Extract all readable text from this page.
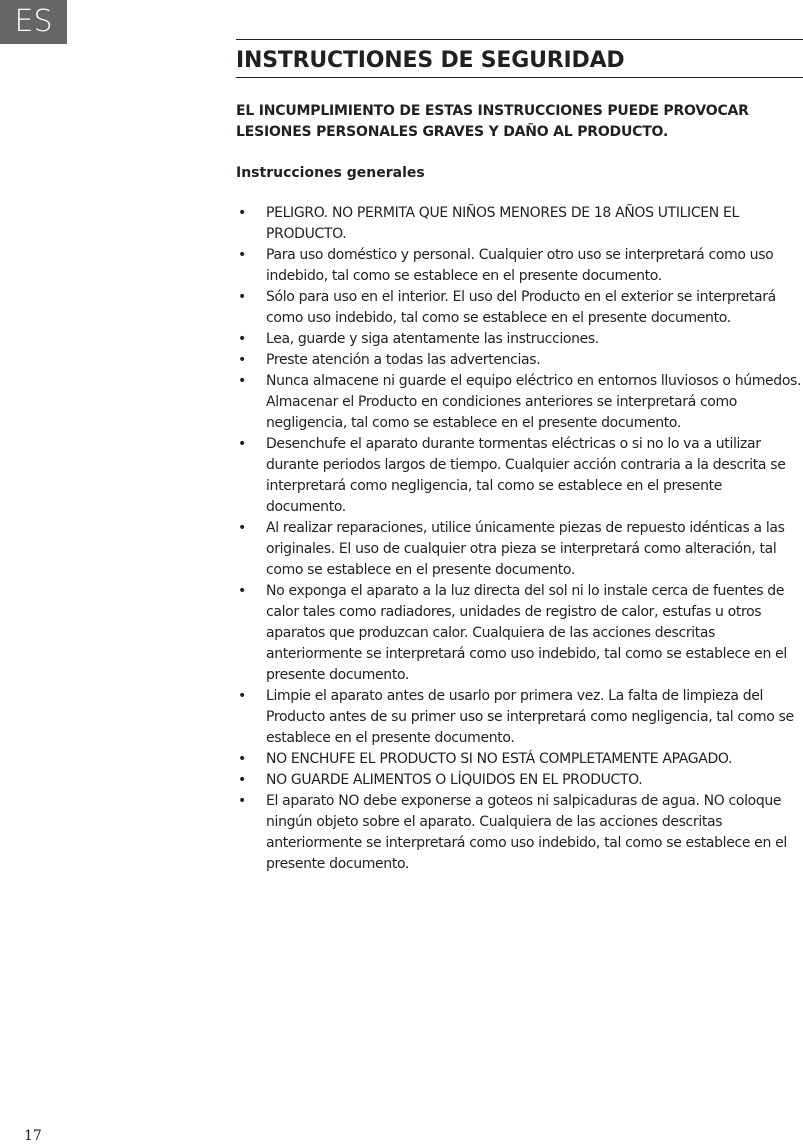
ES
INSTRUCTIONES DE SEGURIDAD

EL INCUMPLIMIENTO DE ESTAS INSTRUCCIONES PUEDE PROVOCAR LESIONES PERSONALES GRAVES Y DAÑO AL PRODUCTO.

Instrucciones generales

• PELIGRO. NO PERMITA QUE NIÑOS MENORES DE 18 AÑOS UTILICEN EL PRODUCTO.
• Para uso doméstico y personal. Cualquier otro uso se interpretará como uso indebido, tal como se establece en el presente documento.
• Sólo para uso en el interior. El uso del Producto en el exterior se interpretará como uso indebido, tal como se establece en el presente documento.
• Lea, guarde y siga atentamente las instrucciones.
• Preste atención a todas las advertencias.
• Nunca almacene ni guarde el equipo eléctrico en entornos lluviosos o húmedos. Almacenar el Producto en condiciones anteriores se interpretará como negligencia, tal como se establece en el presente documento.
• Desenchufe el aparato durante tormentas eléctricas o si no lo va a utilizar durante periodos largos de tiempo. Cualquier acción contraria a la descrita se interpretará como negligencia, tal como se establece en el presente documento.
• Al realizar reparaciones, utilice únicamente piezas de repuesto idénticas a las originales. El uso de cualquier otra pieza se interpretará como alteración, tal como se establece en el presente documento.
• No exponga el aparato a la luz directa del sol ni lo instale cerca de fuentes de calor tales como radiadores, unidades de registro de calor, estufas u otros aparatos que produzcan calor. Cualquiera de las acciones descritas anteriormente se interpretará como uso indebido, tal como se establece en el presente documento.
• Limpie el aparato antes de usarlo por primera vez. La falta de limpieza del Producto antes de su primer uso se interpretará como negligencia, tal como se establece en el presente documento.
• NO ENCHUFE EL PRODUCTO SI NO ESTÁ COMPLETAMENTE APAGADO.
• NO GUARDE ALIMENTOS O LÍQUIDOS EN EL PRODUCTO.
• El aparato NO debe exponerse a goteos ni salpicaduras de agua. NO coloque ningún objeto sobre el aparato. Cualquiera de las acciones descritas anteriormente se interpretará como uso indebido, tal como se establece en el presente documento.
17
